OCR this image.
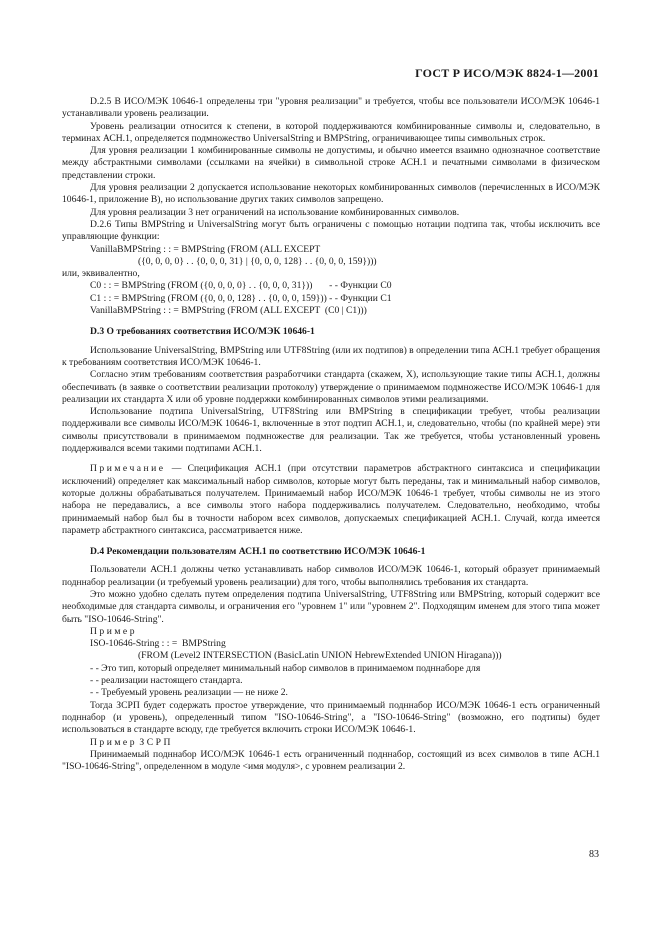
ГОСТ Р ИСО/МЭК 8824-1—2001

D.2.5 В ИСО/МЭК 10646-1 определены три "уровня реализации" и требуется, чтобы все пользователи ИСО/МЭК 10646-1 устанавливали уровень реализации.

Уровень реализации относится к степени, в которой поддерживаются комбинированные символы и, следовательно, в терминах АСН.1, определяется подмножество UniversalString и BMPString, ограничивающее типы символьных строк.

Для уровня реализации 1 комбинированные символы не допустимы, и обычно имеется взаимно однозначное соответствие между абстрактными символами (ссылками на ячейки) в символьной строке АСН.1 и печатными символами в физическом представлении строки.

Для уровня реализации 2 допускается использование некоторых комбинированных символов (перечисленных в ИСО/МЭК 10646-1, приложение В), но использование других таких символов запрещено.

Для уровня реализации 3 нет ограничений на использование комбинированных символов.

D.2.6 Типы BMPString и UniversalString могут быть ограничены с помощью нотации подтипа так, чтобы исключить все управляющие функции:

VanillaBMPString : : = BMPString (FROM (ALL EXCEPT

({0, 0, 0, 0} . . {0, 0, 0, 31} | {0, 0, 0, 128} . . {0, 0, 0, 159})))

или, эквивалентно,

C0 : : = BMPString (FROM ({0, 0, 0, 0} . . {0, 0, 0, 31}))       - - Функции C0

C1 : : = BMPString (FROM ({0, 0, 0, 128} . . {0, 0, 0, 159})) - - Функции C1

VanillaBMPString : : = BMPString (FROM (ALL EXCEPT  (C0 | C1)))

D.3 О требованиях соответствия ИСО/МЭК 10646-1

Использование UniversalString, BMPString или UTF8String (или их подтипов) в определении типа АСН.1 требует обращения к требованиям соответствия ИСО/МЭК 10646-1.

Согласно этим требованиям соответствия разработчики стандарта (скажем, X), использующие такие типы АСН.1, должны обеспечивать (в заявке о соответствии реализации протоколу) утверждение о принимаемом подмножестве ИСО/МЭК 10646-1 для реализации их стандарта X или об уровне поддержки комбинированных символов этими реализациями.

Использование подтипа UniversalString, UTF8String или BMPString в спецификации требует, чтобы реализации поддерживали все символы ИСО/МЭК 10646-1, включенные в этот подтип АСН.1, и, следовательно, чтобы (по крайней мере) эти символы присутствовали в принимаемом подмножестве для реализации. Так же требуется, чтобы установленный уровень поддерживался всеми такими подтипами АСН.1.

Примечание — Спецификация АСН.1 (при отсутствии параметров абстрактного синтаксиса и спецификации исключений) определяет как максимальный набор символов, которые могут быть переданы, так и минимальный набор символов, которые должны обрабатываться получателем. Принимаемый набор ИСО/МЭК 10646-1 требует, чтобы символы не из этого набора не передавались, а все символы этого набора поддерживались получателем. Следовательно, необходимо, чтобы принимаемый набор был бы в точности набором всех символов, допускаемых спецификацией АСН.1. Случай, когда имеется параметр абстрактного синтаксиса, рассматривается ниже.

D.4 Рекомендации пользователям АСН.1 по соответствию ИСО/МЭК 10646-1

Пользователи АСН.1 должны четко устанавливать набор символов ИСО/МЭК 10646-1, который образует принимаемый подннабор реализации (и требуемый уровень реализации) для того, чтобы выполнялись требования их стандарта.

Это можно удобно сделать путем определения подтипа UniversalString, UTF8String или BMPString, который содержит все необходимые для стандарта символы, и ограничения его "уровнем 1" или "уровнем 2". Подходящим именем для этого типа может быть "ISO-10646-String".

Пример

ISO-10646-String : : =  BMPString

(FROM (Level2 INTERSECTION (BasicLatin UNION HebrewExtended UNION Hiragana)))

- - Это тип, который определяет минимальный набор символов в принимаемом подннаборе для

- - реализации настоящего стандарта.

- - Требуемый уровень реализации — не ниже 2.

Тогда ЗСРП будет содержать простое утверждение, что принимаемый подннабор ИСО/МЭК 10646-1 есть ограниченный подннабор (и уровень), определенный типом "ISO-10646-String", а "ISO-10646-String" (возможно, его подтипы) будет использоваться в стандарте всюду, где требуется включить строки ИСО/МЭК 10646-1.

Пример ЗСРП

Принимаемый подннабор ИСО/МЭК 10646-1 есть ограниченный подннабор, состоящий из всех символов в типе АСН.1 "ISO-10646-String", определенном в модуле <имя модуля>, с уровнем реализации 2.

83
